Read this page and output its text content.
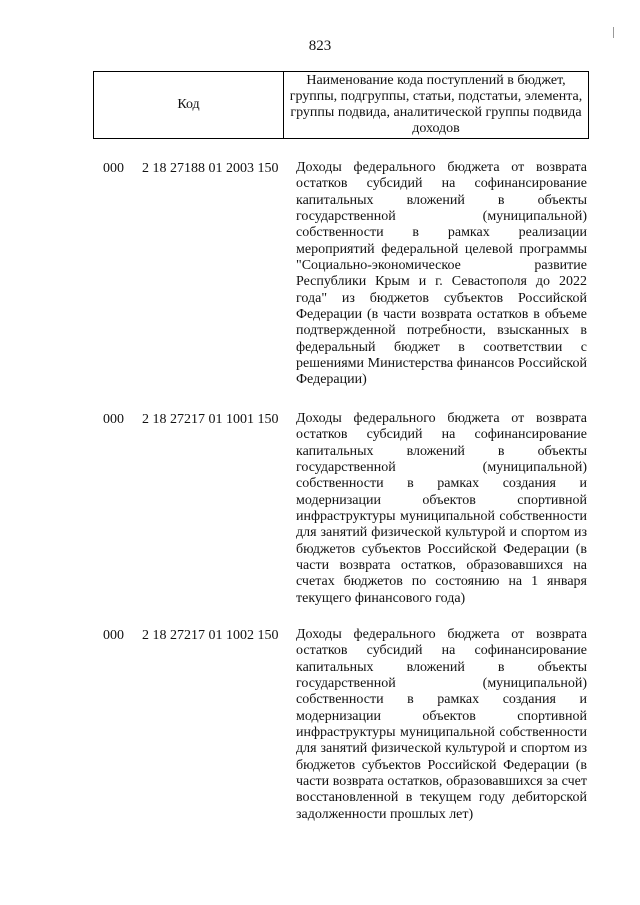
823
Код	Наименование кода поступлений в бюджет, группы, подгруппы, статьи, подстатьи, элемента, группы подвида, аналитической группы подвида доходов
000 2 18 27188 01 2003 150 Доходы федерального бюджета от возврата остатков субсидий на софинансирование капитальных вложений в объекты государственной (муниципальной) собственности в рамках реализации мероприятий федеральной целевой программы "Социально-экономическое развитие Республики Крым и г. Севастополя до 2022 года" из бюджетов субъектов Российской Федерации (в части возврата остатков в объеме подтвержденной потребности, взысканных в федеральный бюджет в соответствии с решениями Министерства финансов Российской Федерации)
000 2 18 27217 01 1001 150 Доходы федерального бюджета от возврата остатков субсидий на софинансирование капитальных вложений в объекты государственной (муниципальной) собственности в рамках создания и модернизации объектов спортивной инфраструктуры муниципальной собственности для занятий физической культурой и спортом из бюджетов субъектов Российской Федерации (в части возврата остатков, образовавшихся на счетах бюджетов по состоянию на 1 января текущего финансового года)
000 2 18 27217 01 1002 150 Доходы федерального бюджета от возврата остатков субсидий на софинансирование капитальных вложений в объекты государственной (муниципальной) собственности в рамках создания и модернизации объектов спортивной инфраструктуры муниципальной собственности для занятий физической культурой и спортом из бюджетов субъектов Российской Федерации (в части возврата остатков, образовавшихся за счет восстановленной в текущем году дебиторской задолженности прошлых лет)
